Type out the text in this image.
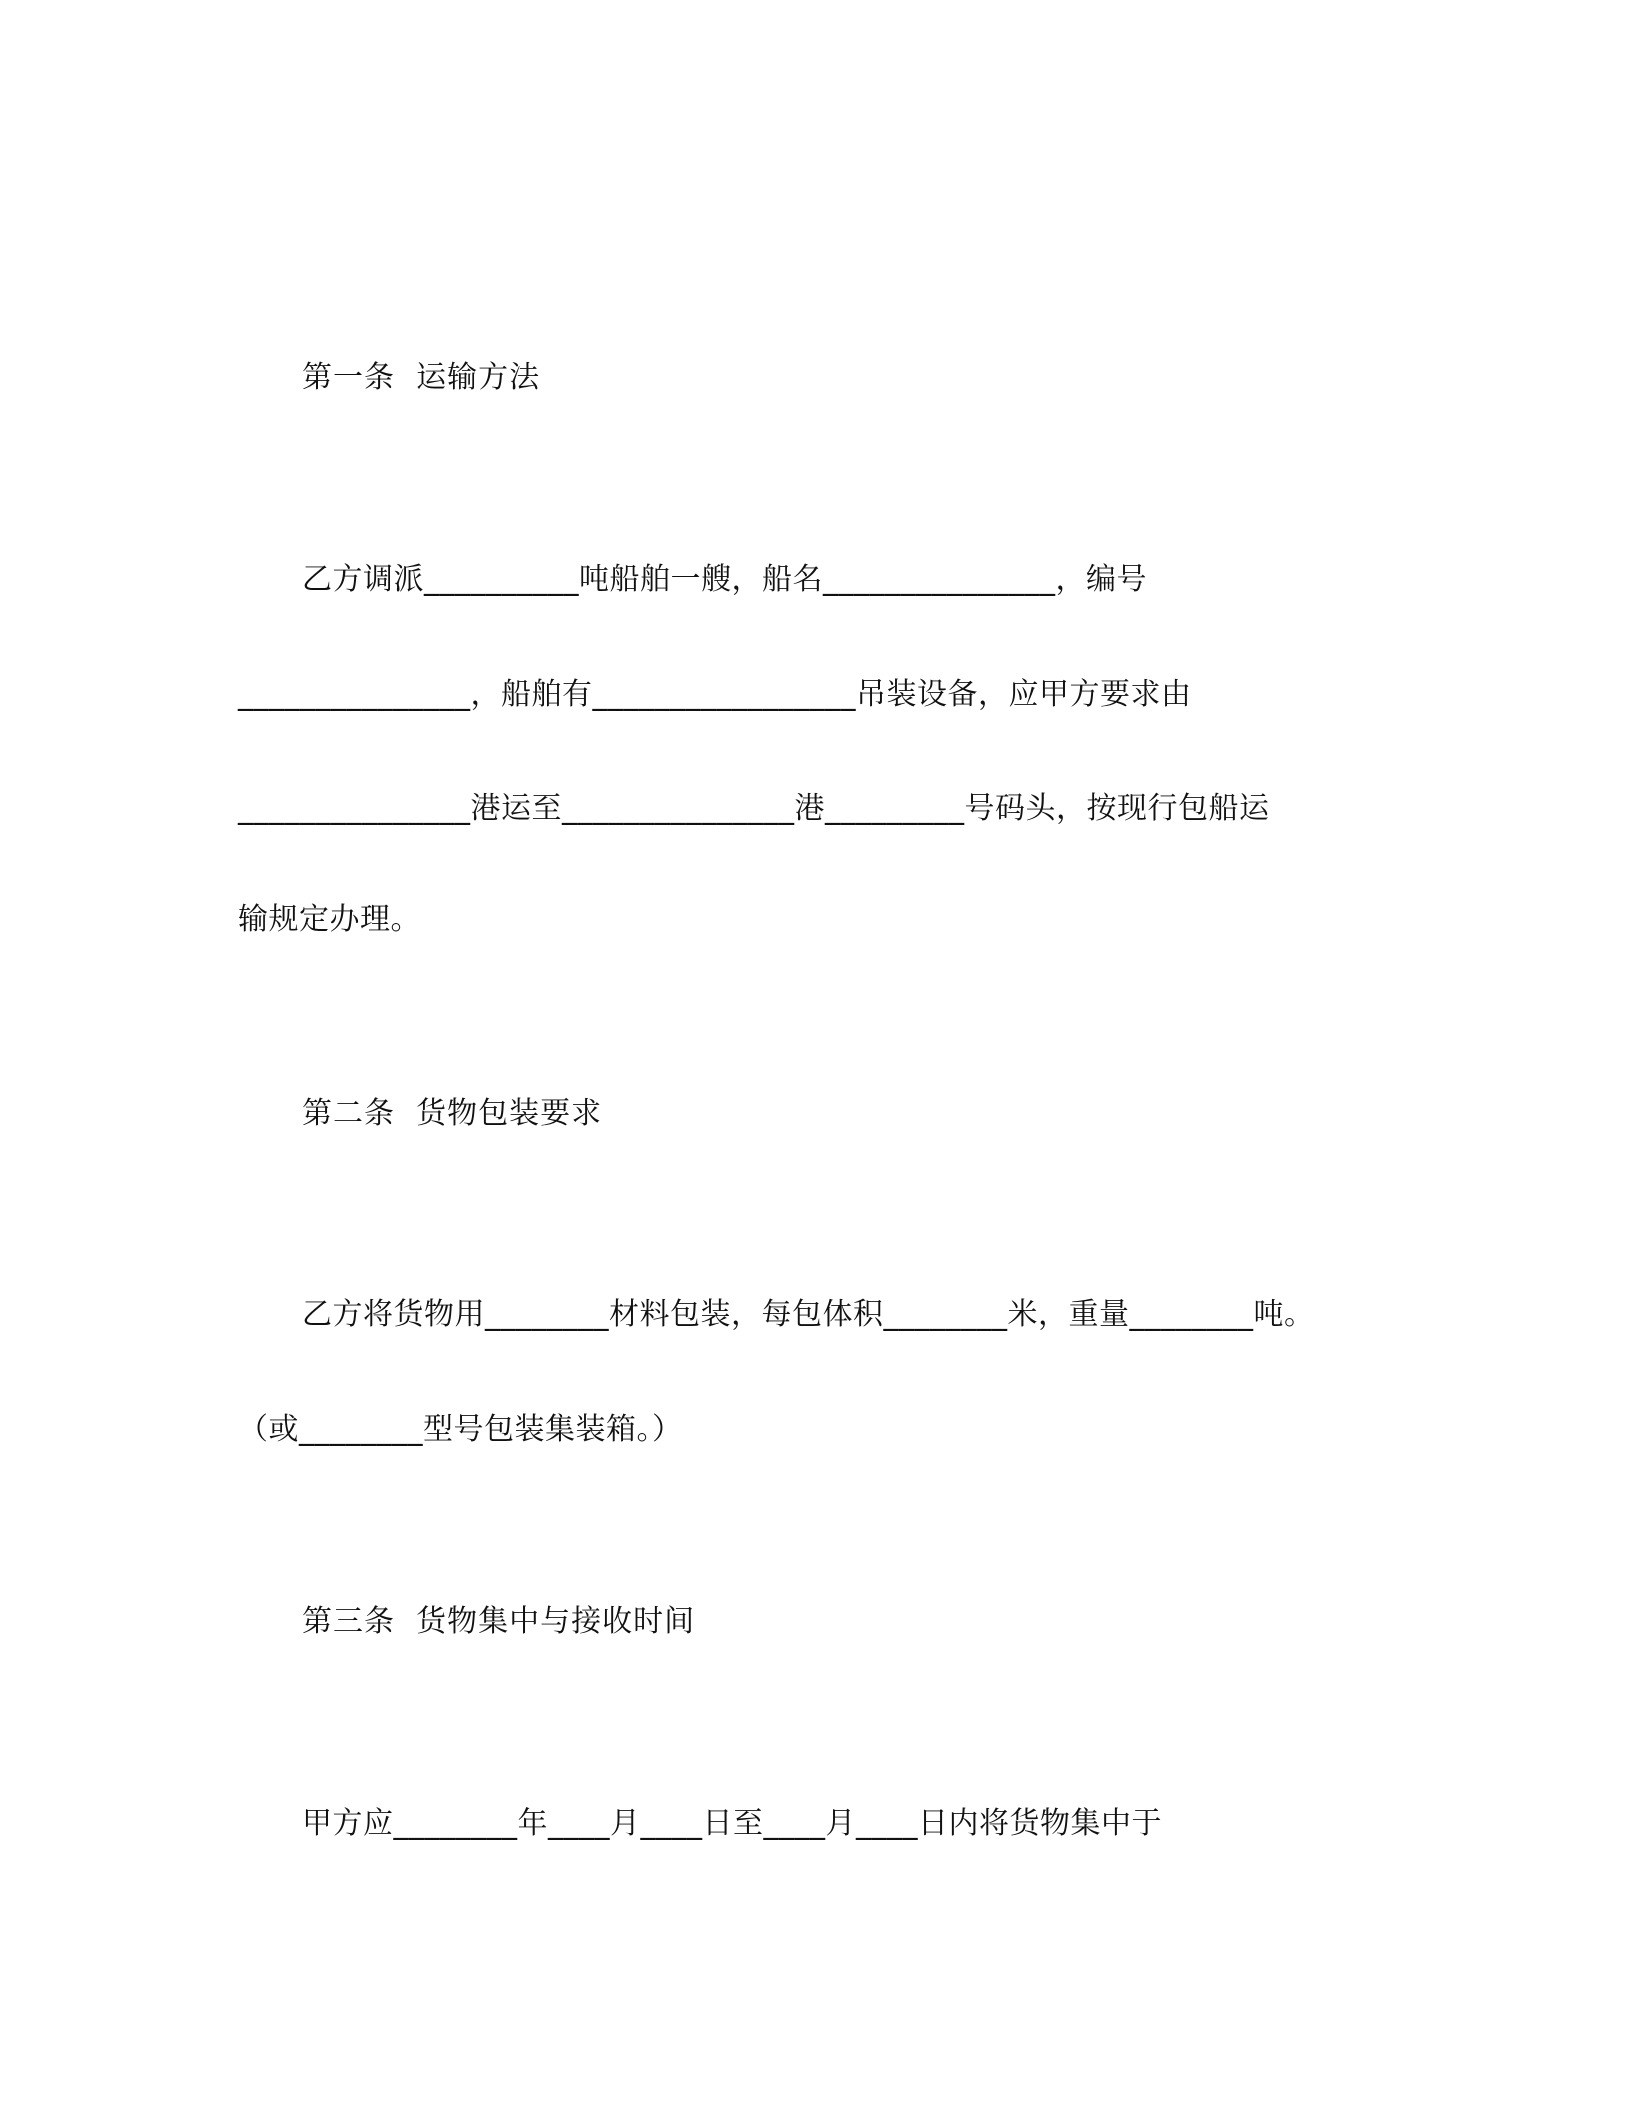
第一条  运输方法
乙方调派__________吨船舶一艘，船名_______________，编号
_______________，船舶有_________________吊装设备，应甲方要求由
_______________港运至_______________港_________号码头，按现行包船运
输规定办理。
第二条  货物包装要求
乙方将货物用________材料包装，每包体积________米，重量________吨。
（或________型号包装集装箱。）
第三条  货物集中与接收时间
甲方应________年____月____日至____月____日内将货物集中于
